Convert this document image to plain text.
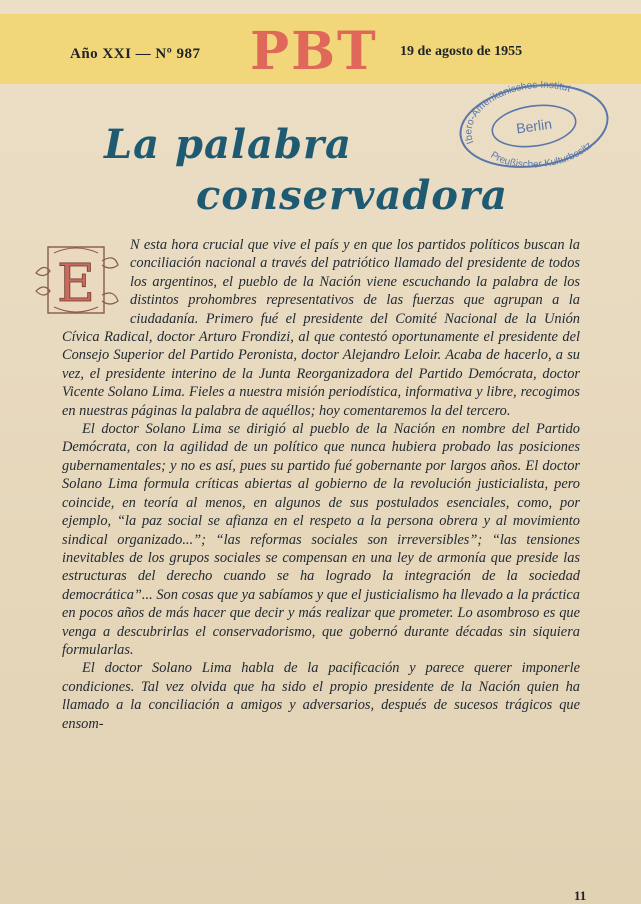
Año XXI — Nº 987 PBT 19 de agosto de 1955
Ibero-Amerikanisches Institut
Berlin
Preußischer Kulturbesitz
La palabra
conservadora
E

N esta hora crucial que vive el país y en que los partidos políticos buscan la conciliación nacional a través del patriótico llamado del presidente de todos los argentinos, el pueblo de la Nación viene escuchando la palabra de los distintos prohombres representativos de las fuerzas que agrupan a la ciudadanía. Primero fué el presidente del Comité Nacional de la Unión Cívica Radical, doctor Arturo Frondizi, al que contestó oportunamente el presidente del Consejo Superior del Partido Peronista, doctor Alejandro Leloir. Acaba de hacerlo, a su vez, el presidente interino de la Junta Reorganizadora del Partido Demócrata, doctor Vicente Solano Lima. Fieles a nuestra misión periodística, informativa y libre, recogimos en nuestras páginas la palabra de aquéllos; hoy comentaremos la del tercero.

El doctor Solano Lima se dirigió al pueblo de la Nación en nombre del Partido Demócrata, con la agilidad de un político que nunca hubiera probado las posiciones gubernamentales; y no es así, pues su partido fué gobernante por largos años. El doctor Solano Lima formula críticas abiertas al gobierno de la revolución justicialista, pero coincide, en teoría al menos, en algunos de sus postulados esenciales, como, por ejemplo, “la paz social se afianza en el respeto a la persona obrera y al movimiento sindical organizado...”; “las reformas sociales son irreversibles”; “las tensiones inevitables de los grupos sociales se compensan en una ley de armonía que preside las estructuras del derecho cuando se ha logrado la integración de la sociedad democrática”... Son cosas que ya sabíamos y que el justicialismo ha llevado a la práctica en pocos años de más hacer que decir y más realizar que prometer. Lo asombroso es que venga a descubrirlas el conservadorismo, que gobernó durante décadas sin siquiera formularlas.

El doctor Solano Lima habla de la pacificación y parece querer imponerle condiciones. Tal vez olvida que ha sido el propio presidente de la Nación quien ha llamado a la conciliación a amigos y adversarios, después de sucesos trágicos que ensom-

11
